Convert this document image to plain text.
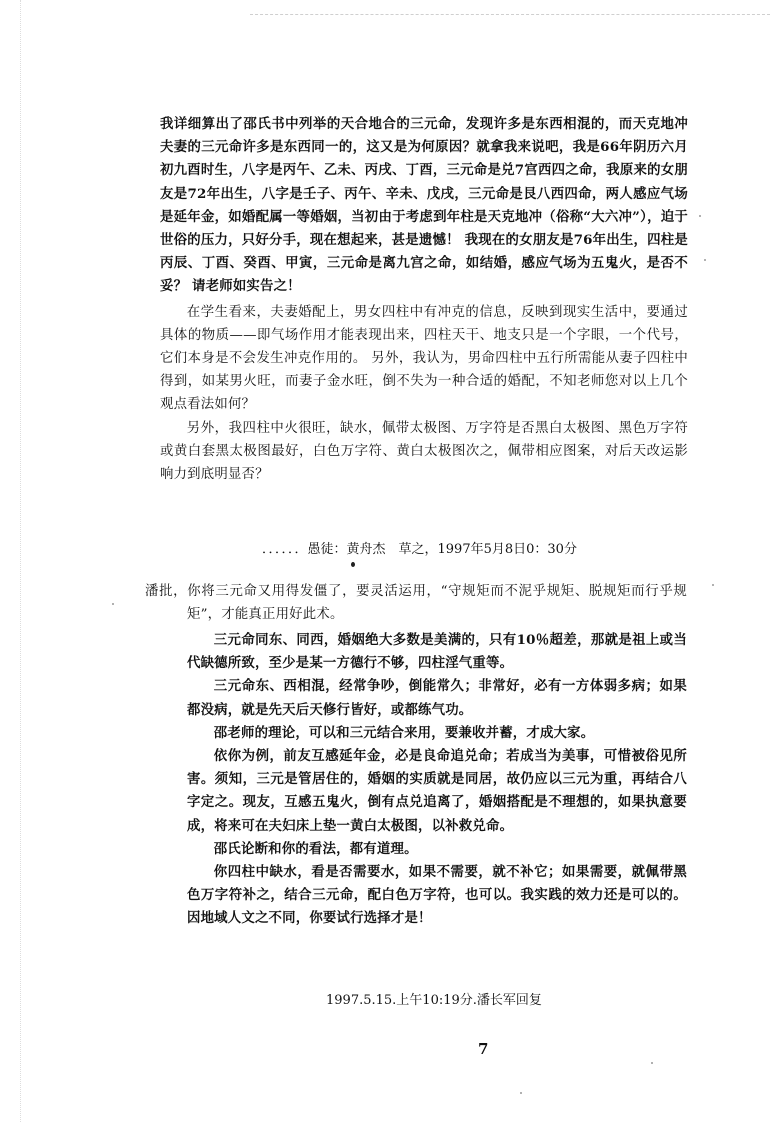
我详细算出了邵氏书中列举的天合地合的三元命，发现许多是东西相混的，而天克地冲夫妻的三元命许多是东西同一的，这又是为何原因？就拿我来说吧，我是66年阴历六月初九酉时生，八字是丙午、乙未、丙戌、丁酉，三元命是兑7宫西四之命，我原来的女朋友是72年出生，八字是壬子、丙午、辛未、戊戌，三元命是艮八西四命，两人感应气场是延年金，如婚配属一等婚姻，当初由于考虑到年柱是天克地冲（俗称“大六冲”），迫于世俗的压力，只好分手，现在想起来，甚是遗憾！ 我现在的女朋友是76年出生，四柱是丙辰、丁酉、癸酉、甲寅，三元命是离九宫之命，如结婚，感应气场为五鬼火，是否不妥？ 请老师如实告之！

在学生看来，夫妻婚配上，男女四柱中有冲克的信息，反映到现实生活中，要通过具体的物质——即气场作用才能表现出来，四柱天干、地支只是一个字眼，一个代号，它们本身是不会发生冲克作用的。 另外，我认为，男命四柱中五行所需能从妻子四柱中得到，如某男火旺，而妻子金水旺，倒不失为一种合适的婚配，不知老师您对以上几个观点看法如何？

另外，我四柱中火很旺，缺水，佩带太极图、万字符是否黑白太极图、黑色万字符或黄白套黑太极图最好，白色万字符、黄白太极图次之，佩带相应图案，对后天改运影响力到底明显否？

．．．．．．愚徒：黄舟杰　草之，1997年5月8日0：30分

潘批，你将三元命又用得发僵了，要灵活运用，“守规矩而不泥乎规矩、脱规矩而行乎规矩”，才能真正用好此术。

三元命同东、同西，婚姻绝大多数是美满的，只有10％超差，那就是祖上或当代缺德所致，至少是某一方德行不够，四柱淫气重等。

三元命东、西相混，经常争吵，倒能常久；非常好，必有一方体弱多病；如果都没病，就是先天后天修行皆好，或都练气功。

邵老师的理论，可以和三元结合来用，要兼收并蓄，才成大家。

依你为例，前友互感延年金，必是良命追兑命；若成当为美事，可惜被俗见所害。须知，三元是管居住的，婚姻的实质就是同居，故仍应以三元为重，再结合八字定之。现友，互感五鬼火，倒有点兑追离了，婚姻搭配是不理想的，如果执意要成，将来可在夫妇床上垫一黄白太极图，以补救兑命。

邵氏论断和你的看法，都有道理。

你四柱中缺水，看是否需要水，如果不需要，就不补它；如果需要，就佩带黑色万字符补之，结合三元命，配白色万字符，也可以。我实践的效力还是可以的。因地域人文之不同，你要试行选择才是！

1997.5.15.上午10:19分.潘长军回复
7
